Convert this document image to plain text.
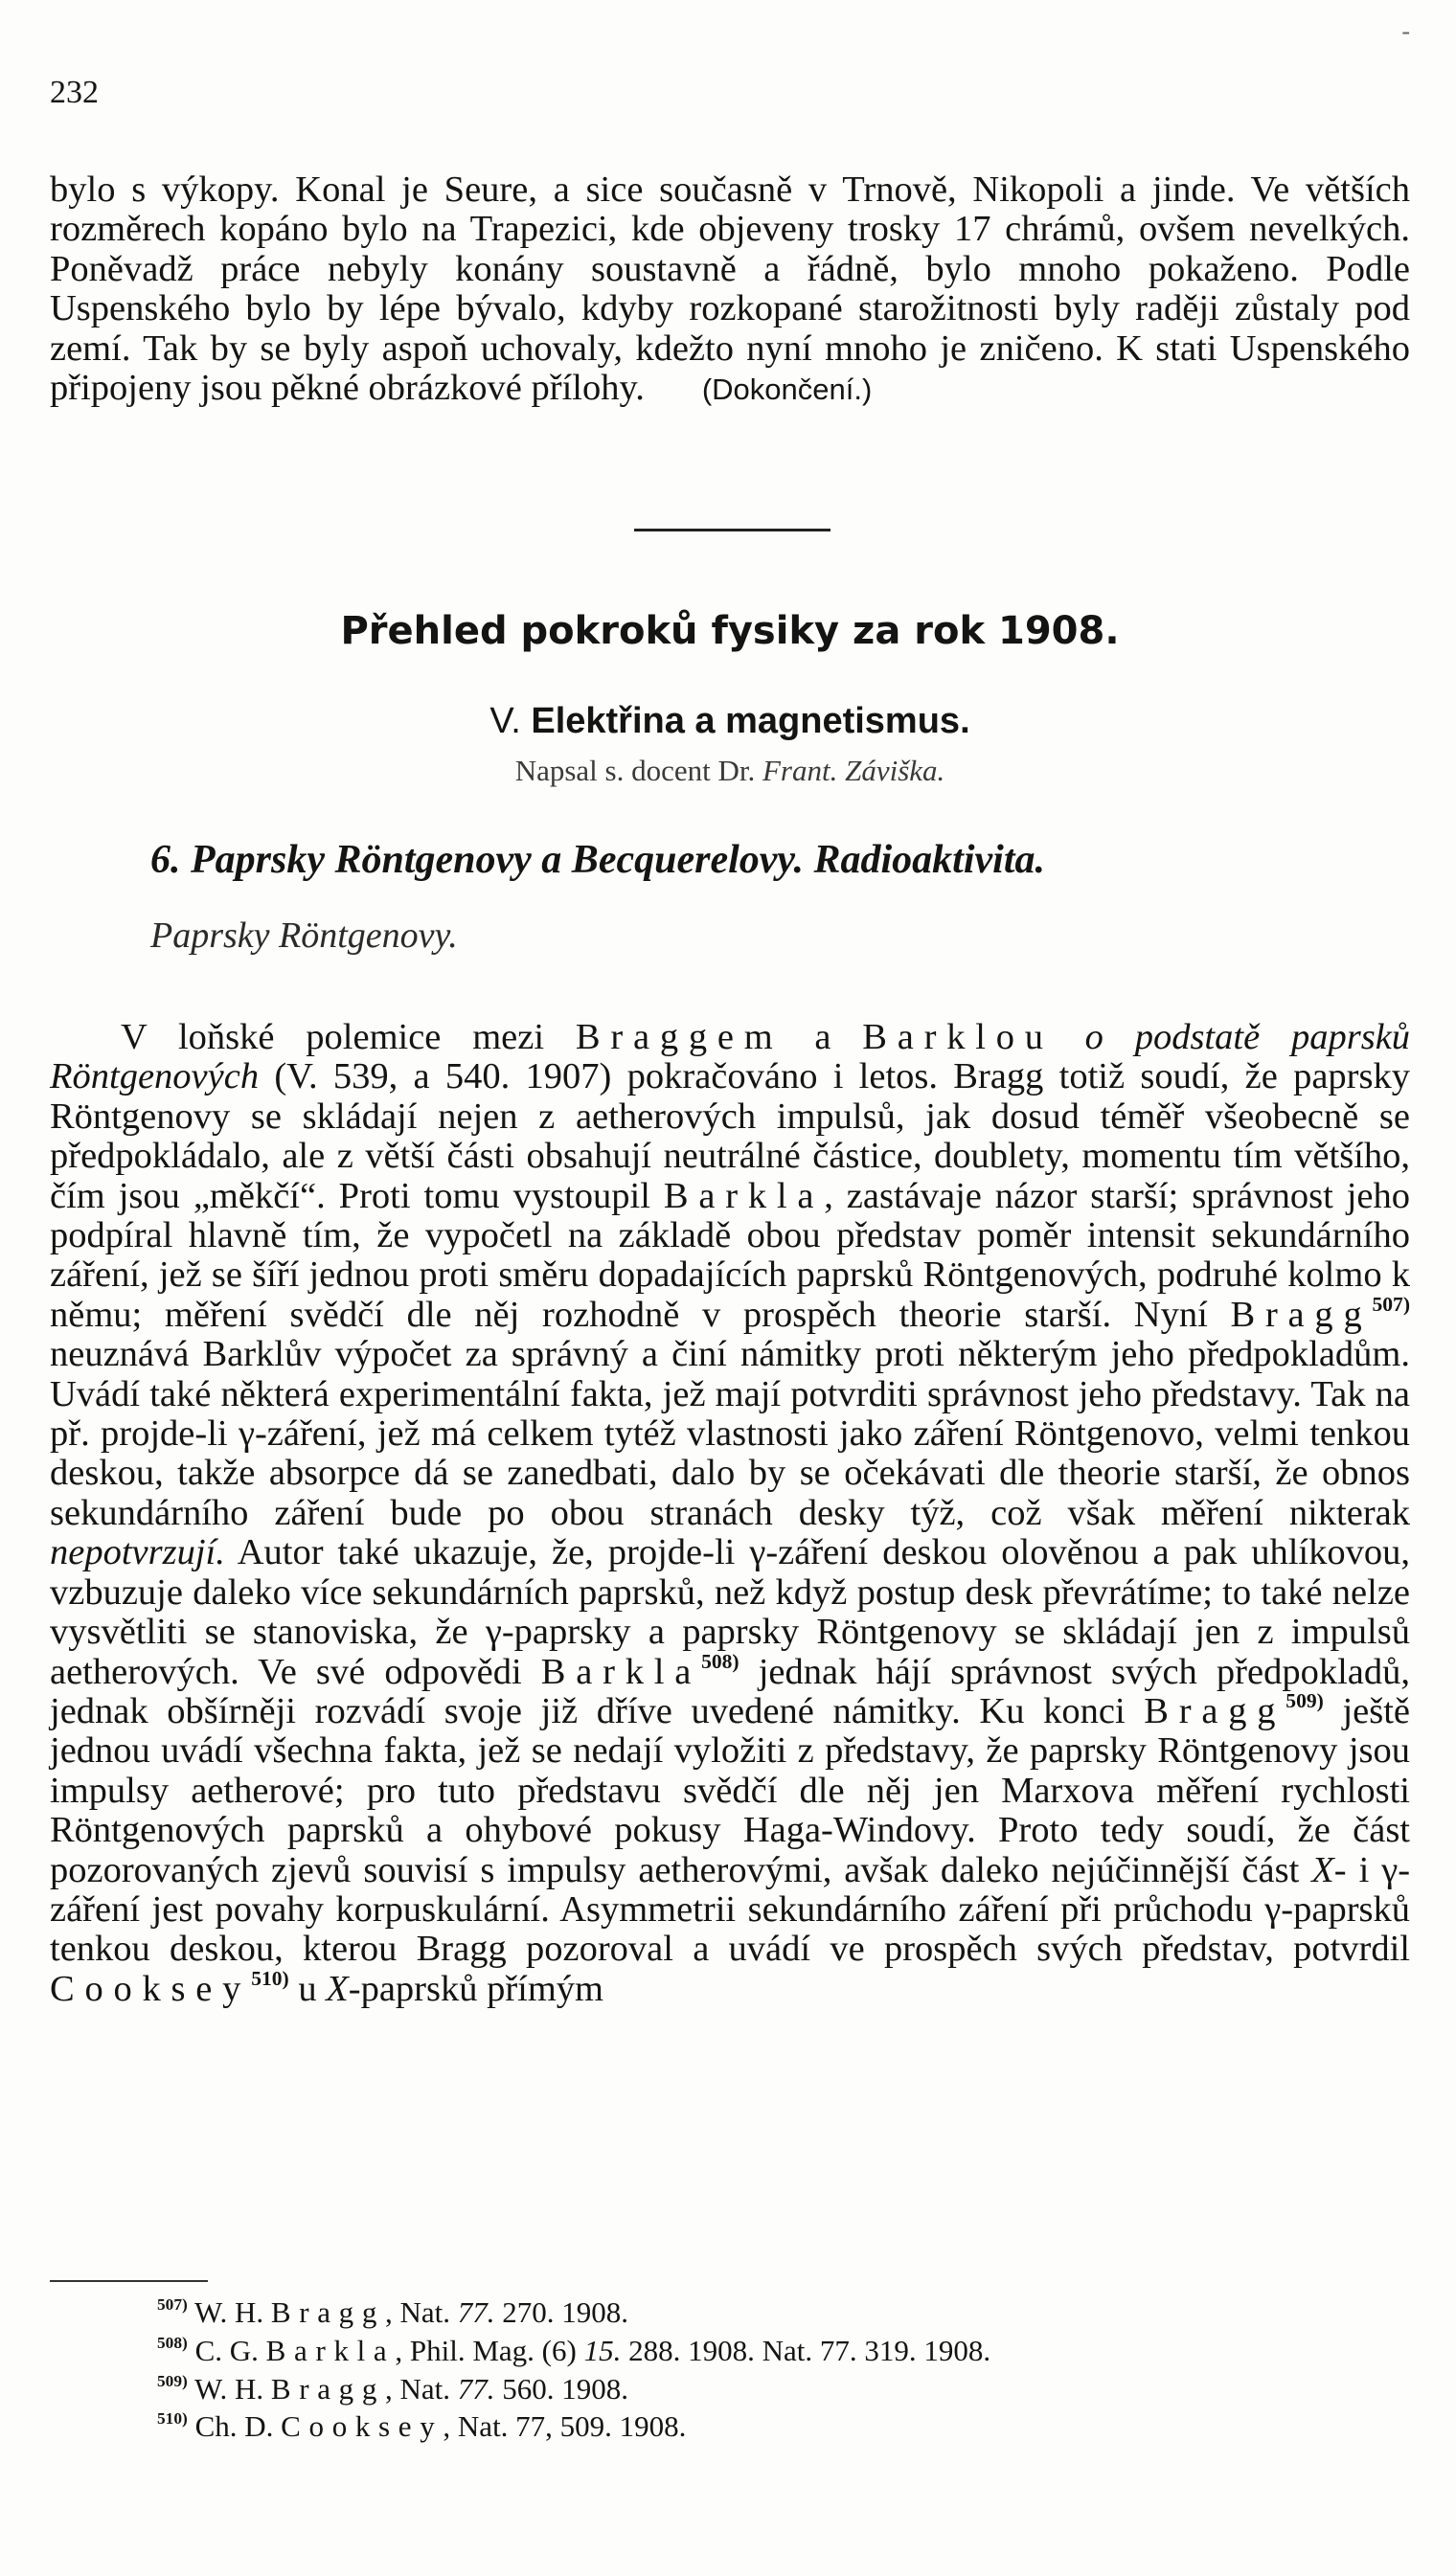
232
-
bylo s výkopy. Konal je Seure, a sice současně v Trnově, Nikopoli a jinde. Ve větších rozměrech kopáno bylo na Trapezici, kde objeveny trosky 17 chrámů, ovšem nevelkých. Poněvadž práce nebyly konány soustavně a řádně, bylo mnoho pokaženo. Podle Uspenského bylo by lépe bývalo, kdyby rozkopané starožitnosti byly raději zůstaly pod zemí. Tak by se byly aspoň uchovaly, kdežto nyní mnoho je zničeno. K stati Uspenského připojeny jsou pěkné obrázkové přílohy. (Dokončení.)
Přehled pokroků fysiky za rok 1908.
V. Elektřina a magnetismus.
Napsal s. docent Dr. Frant. Záviška.
6. Paprsky Röntgenovy a Becquerelovy. Radioaktivita.
Paprsky Röntgenovy.
V loňské polemice mezi Braggem a Barklou o podstatě paprsků Röntgenových (V. 539, a 540. 1907) pokračováno i letos. Bragg totiž soudí, že paprsky Röntgenovy se skládají nejen z aetherových impulsů, jak dosud téměř všeobecně se předpokládalo, ale z větší části obsahují neutrálné částice, doublety, momentu tím většího, čím jsou „měkčí“. Proti tomu vystoupil Barkla, zastávaje názor starší; správnost jeho podpíral hlavně tím, že vypočetl na základě obou představ poměr intensit sekundárního záření, jež se šíří jednou proti směru dopadajících paprsků Röntgenových, podruhé kolmo k němu; měření svědčí dle něj rozhodně v prospěch theorie starší. Nyní Bragg$^{507)}$ neuznává Barklův výpočet za správný a činí námitky proti některým jeho předpokladům. Uvádí také některá experimentální fakta, jež mají potvrditi správnost jeho představy. Tak na př. projde-li γ-záření, jež má celkem tytéž vlastnosti jako záření Röntgenovo, velmi tenkou deskou, takže absorpce dá se zanedbati, dalo by se očekávati dle theorie starší, že obnos sekundárního záření bude po obou stranách desky týž, což však měření nikterak nepotvrzují. Autor také ukazuje, že, projde-li γ-záření deskou olověnou a pak uhlíkovou, vzbuzuje daleko více sekundárních paprsků, než když postup desk převrátíme; to také nelze vysvětliti se stanoviska, že γ-paprsky a paprsky Röntgenovy se skládají jen z impulsů aetherových. Ve své odpovědi Barkla$^{508)}$ jednak hájí správnost svých předpokladů, jednak obšírněji rozvádí svoje již dříve uvedené námitky. Ku konci Bragg$^{509)}$ ještě jednou uvádí všechna fakta, jež se nedají vyložiti z představy, že paprsky Röntgenovy jsou impulsy aetherové; pro tuto představu svědčí dle něj jen Marxova měření rychlosti Röntgenových paprsků a ohybové pokusy Haga-Windovy. Proto tedy soudí, že část pozorovaných zjevů souvisí s impulsy aetherovými, avšak daleko nejúčinnější část X- i γ-záření jest povahy korpuskulární. Asymmetrii sekundárního záření při průchodu γ-paprsků tenkou deskou, kterou Bragg pozoroval a uvádí ve prospěch svých představ, potvrdil Cooksey$^{510)}$ u X-paprsků přímým
$^{507)}$ W. H. Bragg, Nat. 77. 270. 1908.
$^{508)}$ C. G. Barkla, Phil. Mag. (6) 15. 288. 1908. Nat. 77. 319. 1908.
$^{509)}$ W. H. Bragg, Nat. 77. 560. 1908.
$^{510)}$ Ch. D. Cooksey, Nat. 77, 509. 1908.
